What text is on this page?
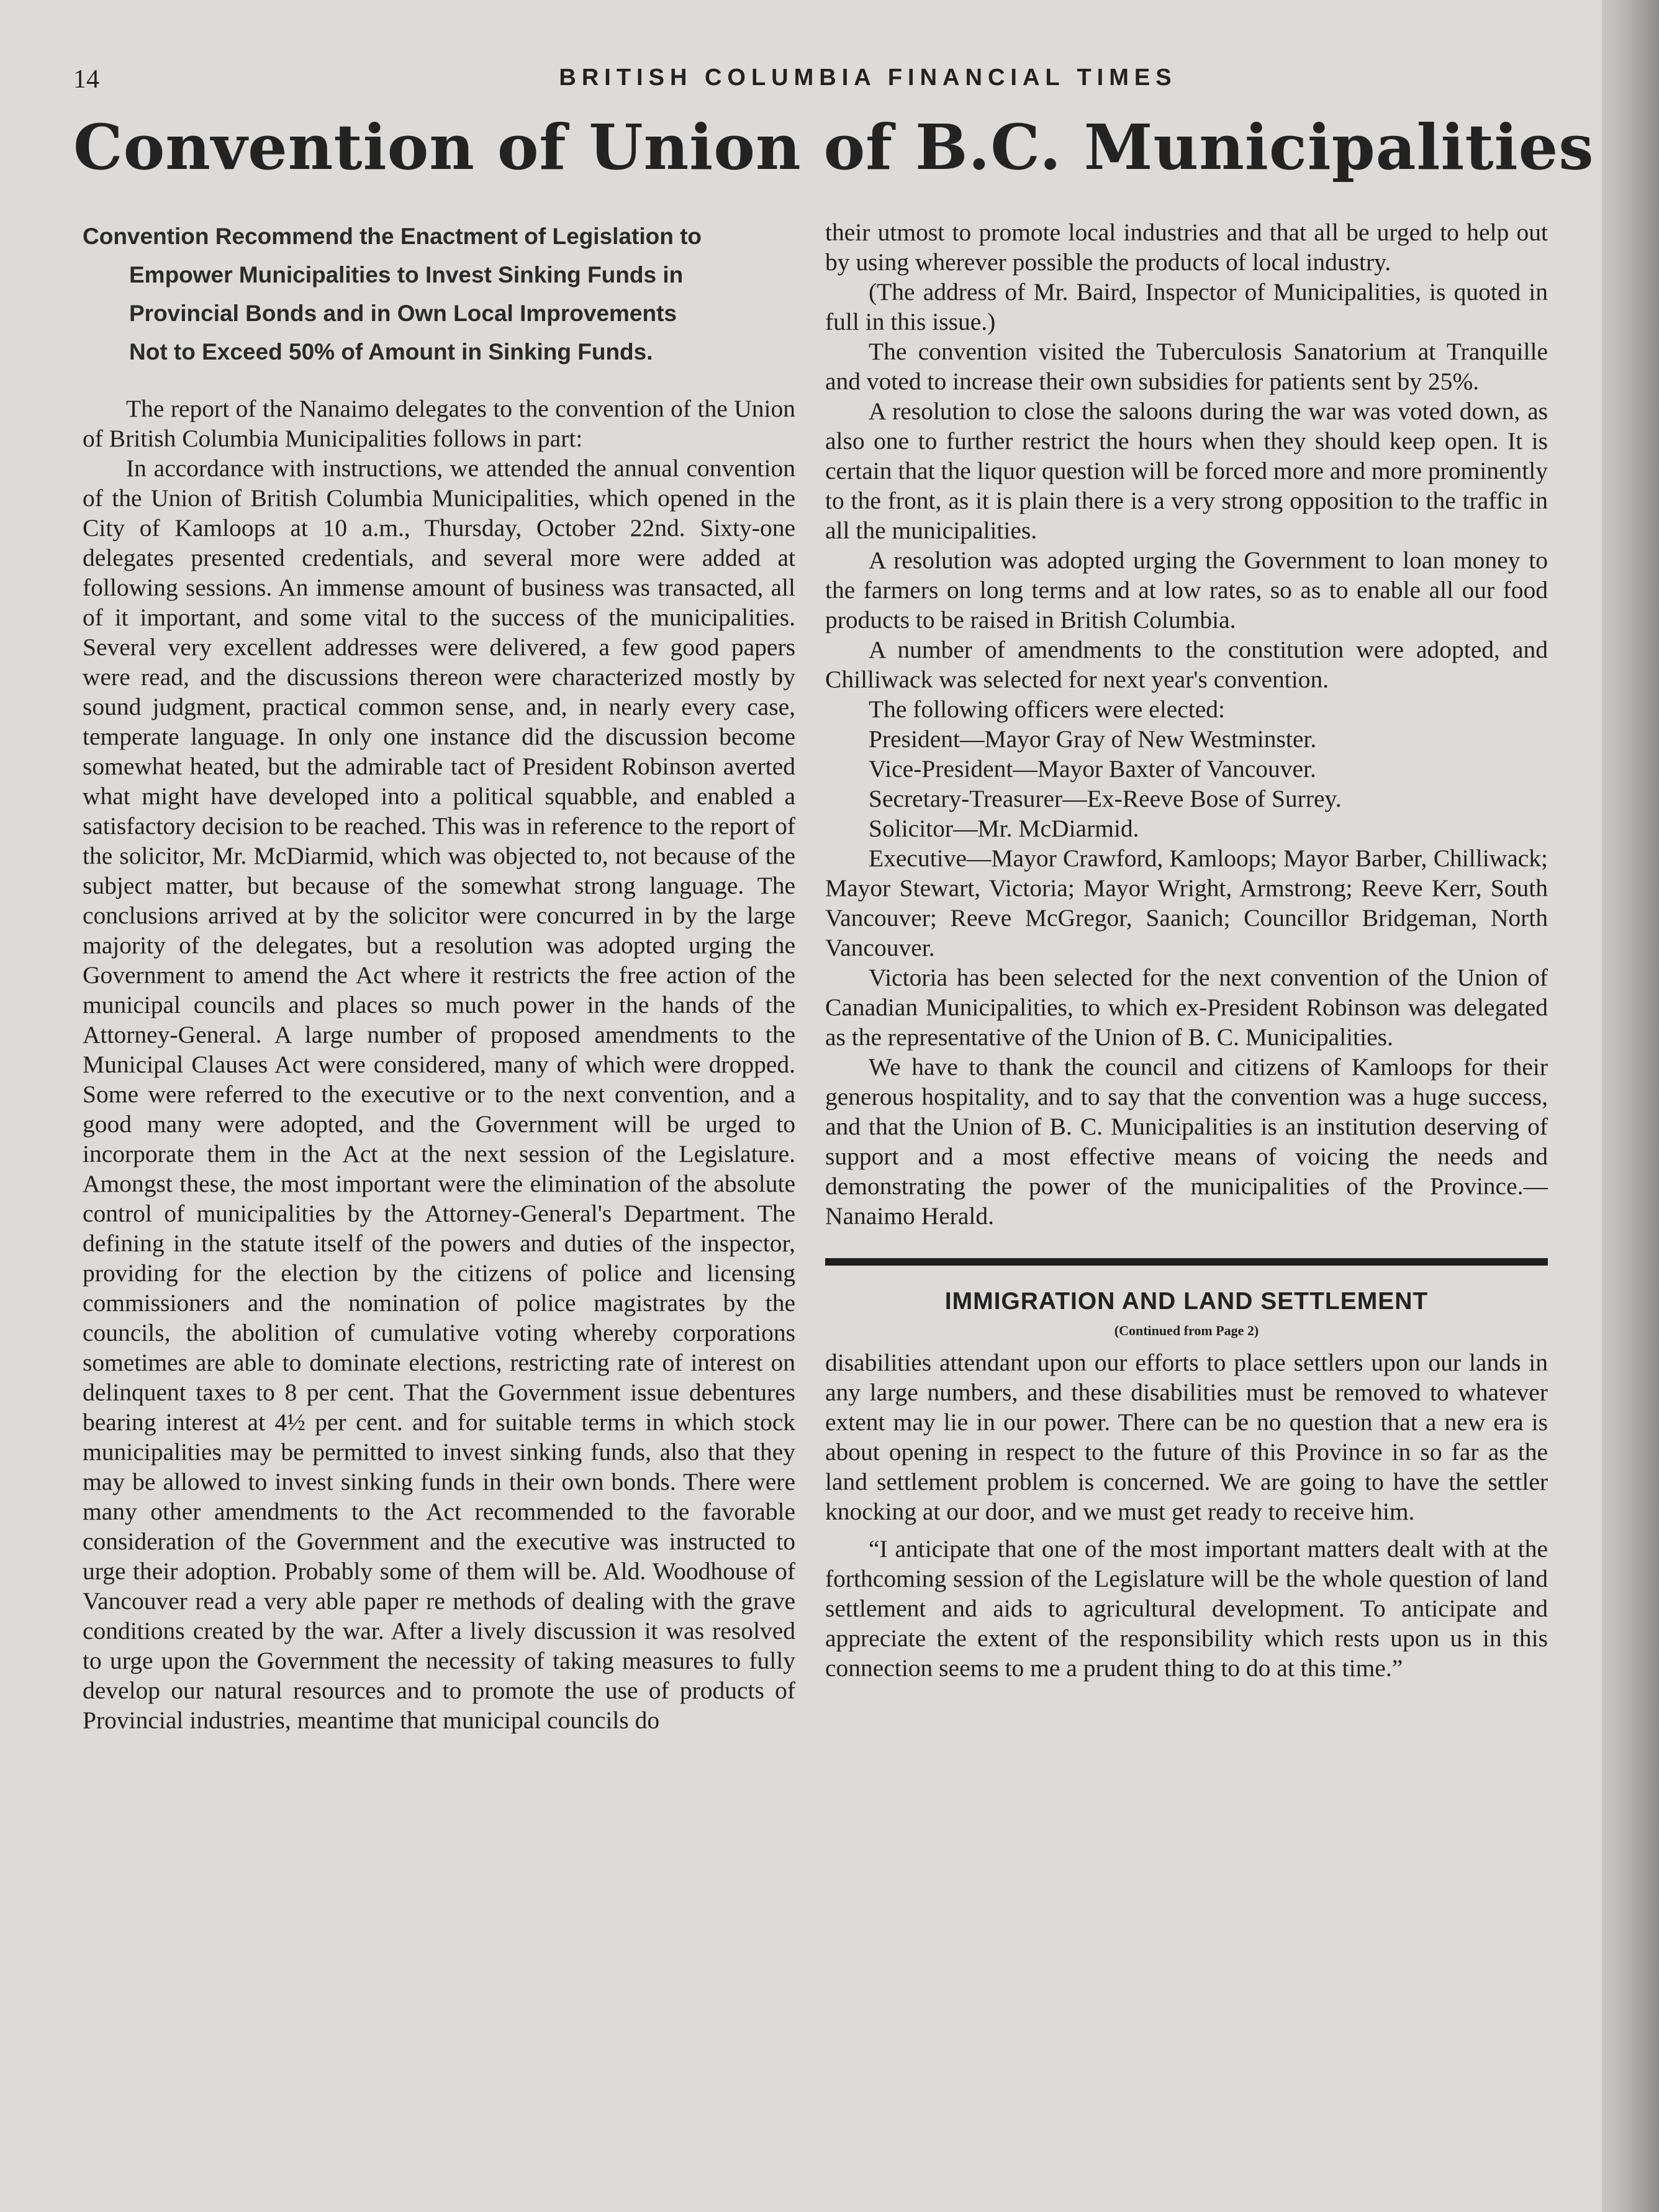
14	BRITISH COLUMBIA FINANCIAL TIMES
Convention of Union of B.C. Municipalities
Convention Recommend the Enactment of Legislation to
Empower Municipalities to Invest Sinking Funds in
Provincial Bonds and in Own Local Improvements
Not to Exceed 50% of Amount in Sinking Funds.

The report of the Nanaimo delegates to the convention of the Union of British Columbia Municipalities follows in part:

In accordance with instructions, we attended the annual convention of the Union of British Columbia Municipalities, which opened in the City of Kamloops at 10 a.m., Thursday, October 22nd. Sixty-one delegates presented credentials, and several more were added at following sessions. An immense amount of business was transacted, all of it important, and some vital to the success of the municipalities. Several very excellent addresses were delivered, a few good papers were read, and the discussions thereon were characterized mostly by sound judgment, practical common sense, and, in nearly every case, temperate language. In only one instance did the discussion become somewhat heated, but the admirable tact of President Robinson averted what might have developed into a political squabble, and enabled a satisfactory decision to be reached. This was in reference to the report of the solicitor, Mr. McDiarmid, which was objected to, not because of the subject matter, but because of the somewhat strong language. The conclusions arrived at by the solicitor were concurred in by the large majority of the delegates, but a resolution was adopted urging the Government to amend the Act where it restricts the free action of the municipal councils and places so much power in the hands of the Attorney-General. A large number of proposed amendments to the Municipal Clauses Act were considered, many of which were dropped. Some were referred to the executive or to the next convention, and a good many were adopted, and the Government will be urged to incorporate them in the Act at the next session of the Legislature. Amongst these, the most important were the elimination of the absolute control of municipalities by the Attorney-General's Department. The defining in the statute itself of the powers and duties of the inspector, providing for the election by the citizens of police and licensing commissioners and the nomination of police magistrates by the councils, the abolition of cumulative voting whereby corporations sometimes are able to dominate elections, restricting rate of interest on delinquent taxes to 8 per cent. That the Government issue debentures bearing interest at 4½ per cent. and for suitable terms in which stock municipalities may be permitted to invest sinking funds, also that they may be allowed to invest sinking funds in their own bonds. There were many other amendments to the Act recommended to the favorable consideration of the Government and the executive was instructed to urge their adoption. Probably some of them will be. Ald. Woodhouse of Vancouver read a very able paper re methods of dealing with the grave conditions created by the war. After a lively discussion it was resolved to urge upon the Government the necessity of taking measures to fully develop our natural resources and to promote the use of products of Provincial industries, meantime that municipal councils do

their utmost to promote local industries and that all be urged to help out by using wherever possible the products of local industry.

(The address of Mr. Baird, Inspector of Municipalities, is quoted in full in this issue.)

The convention visited the Tuberculosis Sanatorium at Tranquille and voted to increase their own subsidies for patients sent by 25%.

A resolution to close the saloons during the war was voted down, as also one to further restrict the hours when they should keep open. It is certain that the liquor question will be forced more and more prominently to the front, as it is plain there is a very strong opposition to the traffic in all the municipalities.

A resolution was adopted urging the Government to loan money to the farmers on long terms and at low rates, so as to enable all our food products to be raised in British Columbia.

A number of amendments to the constitution were adopted, and Chilliwack was selected for next year's convention.

The following officers were elected:
President—Mayor Gray of New Westminster.
Vice-President—Mayor Baxter of Vancouver.
Secretary-Treasurer—Ex-Reeve Bose of Surrey.
Solicitor—Mr. McDiarmid.

Executive—Mayor Crawford, Kamloops; Mayor Barber, Chilliwack; Mayor Stewart, Victoria; Mayor Wright, Armstrong; Reeve Kerr, South Vancouver; Reeve McGregor, Saanich; Councillor Bridgeman, North Vancouver.

Victoria has been selected for the next convention of the Union of Canadian Municipalities, to which ex-President Robinson was delegated as the representative of the Union of B. C. Municipalities.

We have to thank the council and citizens of Kamloops for their generous hospitality, and to say that the convention was a huge success, and that the Union of B. C. Municipalities is an institution deserving of support and a most effective means of voicing the needs and demonstrating the power of the municipalities of the Province.—Nanaimo Herald.

IMMIGRATION AND LAND SETTLEMENT
(Continued from Page 2)

disabilities attendant upon our efforts to place settlers upon our lands in any large numbers, and these disabilities must be removed to whatever extent may lie in our power. There can be no question that a new era is about opening in respect to the future of this Province in so far as the land settlement problem is concerned. We are going to have the settler knocking at our door, and we must get ready to receive him.

“I anticipate that one of the most important matters dealt with at the forthcoming session of the Legislature will be the whole question of land settlement and aids to agricultural development. To anticipate and appreciate the extent of the responsibility which rests upon us in this connection seems to me a prudent thing to do at this time.”
